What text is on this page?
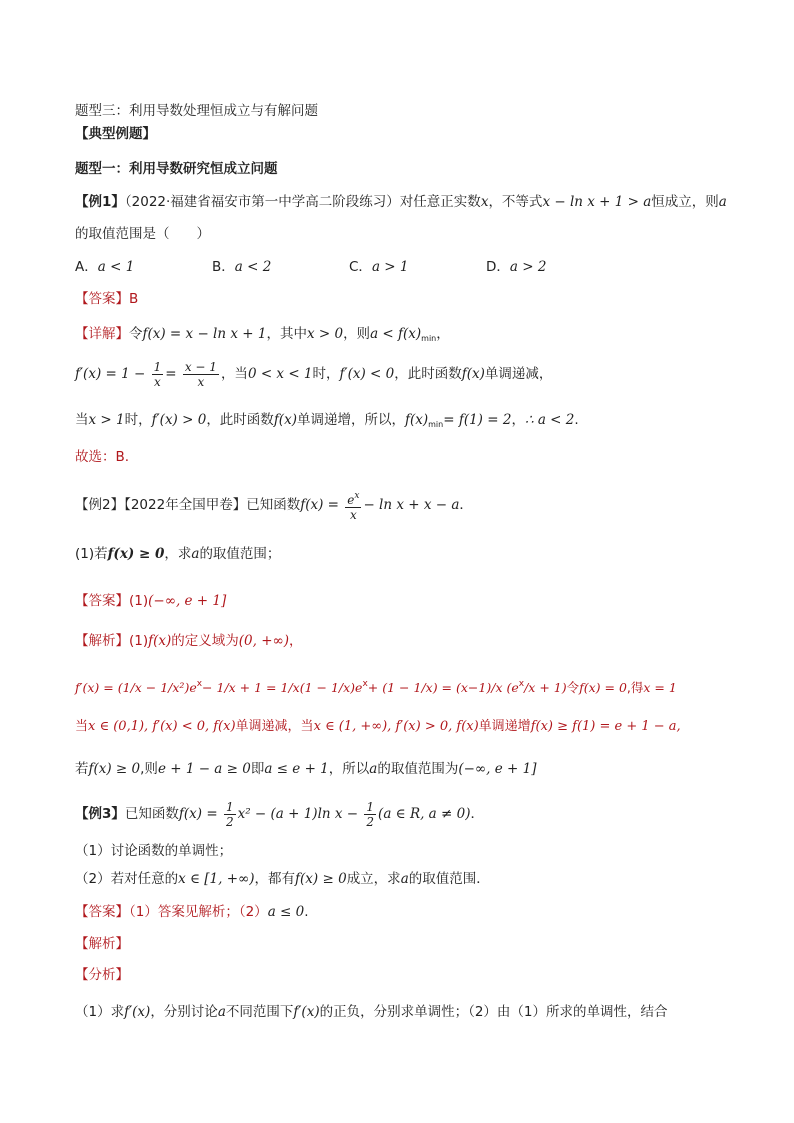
题型三：利用导数处理恒成立与有解问题
【典型例题】
题型一：利用导数研究恒成立问题
【例1】（2022·福建省福安市第一中学高二阶段练习）对任意正实数x，不等式x − ln x + 1 > a恒成立，则a
的取值范围是（　　）
A．a < 1	B．a < 2	C．a > 1	D．a > 2
【答案】B
【详解】令f(x) = x − ln x + 1，其中x > 0，则$a < f(x)_{min}$，
$f'(x) = 1 - \frac{1}{x} = \frac{x - 1}{x}$ ，当0 < x < 1时，f′(x) < 0，此时函数f(x)单调递减，
当x > 1时，f′(x) > 0，此时函数f(x)单调递增，所以，$f(x)_{min}= f(1) = 2$，∴ a < 2.
故选：B.
【例2】【2022年全国甲卷】已知函数$f(x) = \frac{e^x}{x} - \ln x + x - a$．
(1)若f(x) ≥ 0，求a的取值范围；
【答案】(1)(−∞, e + 1]
【解析】(1)f(x)的定义域为(0, +∞)，
$f'(x) = (1/x - 1/x^2)e^x- 1/x + 1 = 1/x(1 - 1/x)e^x+ (1 - 1/x) = (x-1)/x$ $(e^x/x + 1)$令f(x) = 0,得x = 1
当x ∈ (0,1), f′(x) < 0, f(x)单调递减，当x ∈ (1, +∞), f′(x) > 0, f(x)单调递增f(x) ≥ f(1) = e + 1 − a,
若f(x) ≥ 0,则e + 1 − a ≥ 0即a ≤ e + 1，所以a的取值范围为(−∞, e + 1]
【例3】已知函数$f(x) = \frac{1}{2} x^2 - (a + 1)\ln$ $x - \frac{1}{2} (a$ ∈ R, a ≠ 0)．
（1）讨论函数的单调性；
（2）若对任意的x ∈ [1, +∞)，都有f(x) ≥ 0成立，求a的取值范围．
【答案】（1）答案见解析；（2）a ≤ 0.
【解析】
【分析】
（1）求f′(x)，分别讨论a不同范围下f′(x)的正负，分别求单调性；（2）由（1）所求的单调性，结合
